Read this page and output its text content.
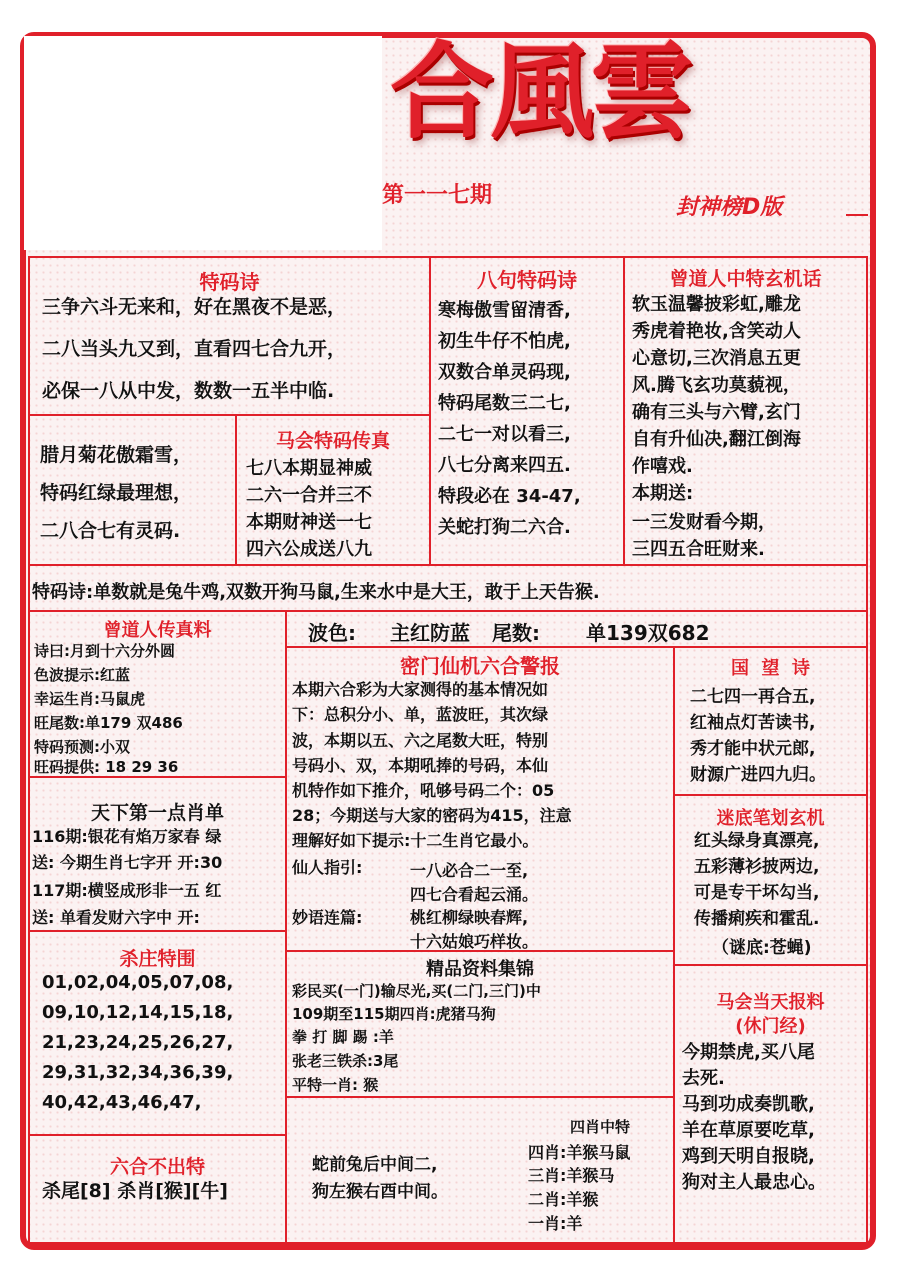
合風雲
第一一七期	封神榜D版
特码诗
三争六斗无来和，好在黑夜不是恶，
二八当头九又到，直看四七合九开，
必保一八从中发，数数一五半中临.
八句特码诗
寒梅傲雪留清香,
初生牛仔不怕虎,
双数合单灵码现,
特码尾数三二七,
二七一对以看三,
八七分离来四五.
特段必在 34-47,
关蛇打狗二六合.
曾道人中特玄机话
软玉温馨披彩虹,雕龙
秀虎着艳妆,含笑动人
心意切,三次消息五更
风.腾飞玄功莫藐视，
确有三头与六臂,玄门
自有升仙决,翻江倒海
作嘻戏.
本期送:
一三发财看今期，
三四五合旺财来.
腊月菊花傲霜雪，
特码红绿最理想，
二八合七有灵码.
马会特码传真
七八本期显神威
二六一合并三不
本期财神送一七
四六公成送八九
特码诗:单数就是兔牛鸡,双数开狗马鼠,生来水中是大王，敢于上天告猴.
曾道人传真料
诗曰:月到十六分外圆
色波提示:红蓝
幸运生肖:马鼠虎
旺尾数:单179 双486
特码预测:小双
旺码提供: 18 29 36
天下第一点肖单
116期:银花有焰万家春 绿
送: 今期生肖七字开 开:30
117期:横竖成形非一五 红
送: 单看发财六字中 开:
杀庄特围
01,02,04,05,07,08,
09,10,12,14,15,18,
21,23,24,25,26,27,
29,31,32,34,36,39,
40,42,43,46,47,
六合不出特
杀尾[8] 杀肖[猴][牛]
波色: 主红防蓝 尾数: 单139双682
密门仙机六合警报
本期六合彩为大家测得的基本情况如
下：总积分小、单，蓝波旺，其次绿
波，本期以五、六之尾数大旺，特别
号码小、双，本期吼捧的号码，本仙
机特作如下推介，吼够号码二个：05
28；今期送与大家的密码为415，注意
理解好如下提示:十二生肖它最小。
仙人指引:	一八必合二一至,
四七合看起云涌。
妙语连篇:	桃红柳绿映春辉,
十六姑娘巧样妆。
国  望  诗
二七四一再合五,
红袖点灯苦读书,
秀才能中状元郎,
财源广进四九归。
迷底笔划玄机
红头绿身真漂亮,
五彩薄衫披两边,
可是专干坏勾当,
传播痢疾和霍乱.
（谜底:苍蝇)
精品资料集锦
彩民买(一门)输尽光,买(二门,三门)中
109期至115期四肖:虎猪马狗
拳 打 脚 踢 :羊
张老三铁杀:3尾
平特一肖: 猴
蛇前兔后中间二,
狗左猴右酉中间。
四肖中特
四肖:羊猴马鼠
三肖:羊猴马
二肖:羊猴
一肖:羊
马会当天报料
(休门经)
今期禁虎,买八尾
去死.
马到功成奏凯歌,
羊在草原要吃草,
鸡到天明自报晓,
狗对主人最忠心。
